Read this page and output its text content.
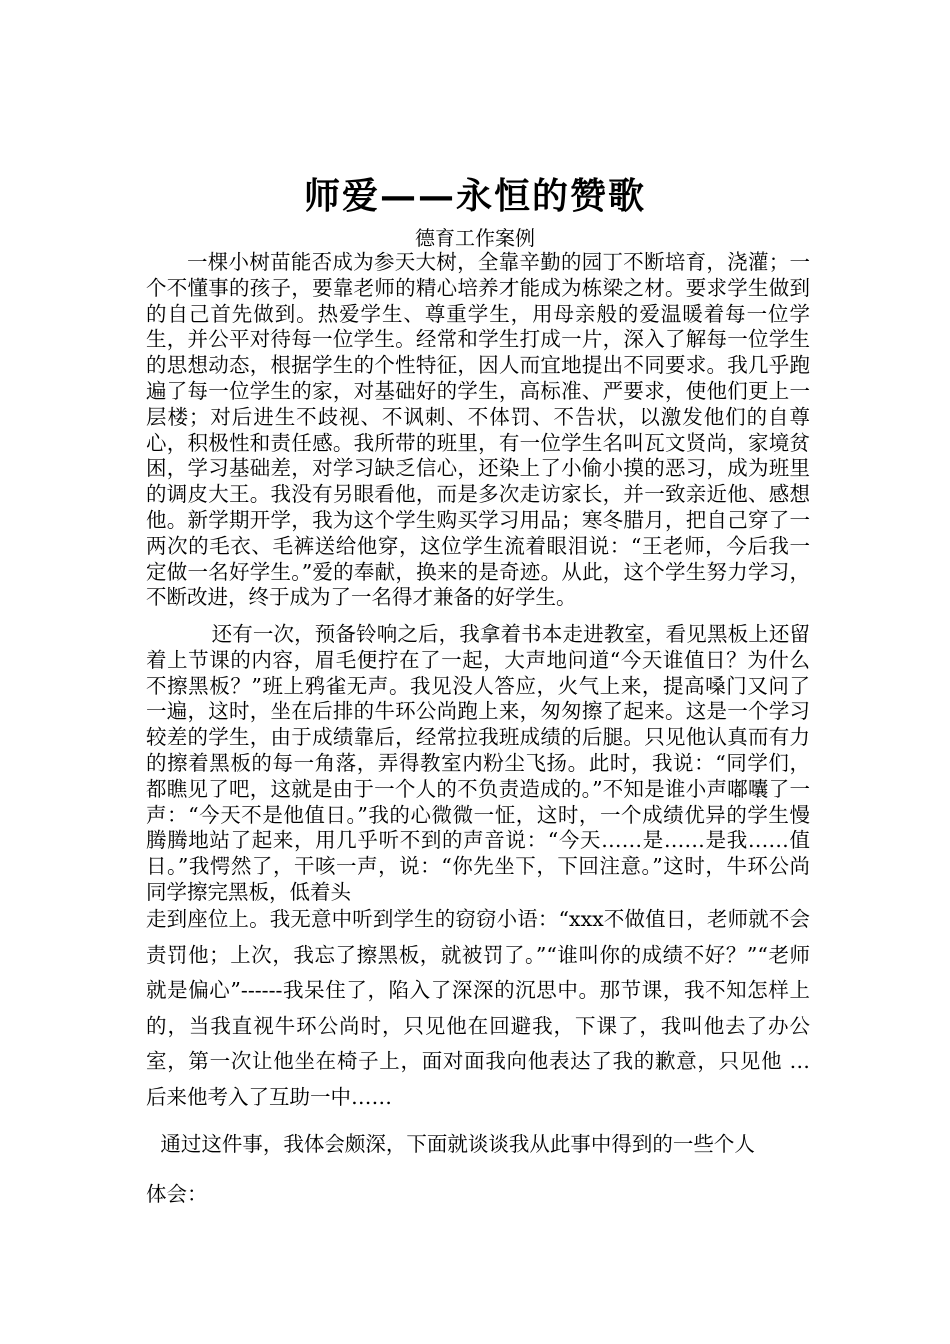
师爱——永恒的赞歌
德育工作案例

一棵小树苗能否成为参天大树，全靠辛勤的园丁不断培育，浇灌；一个不懂事的孩子，要靠老师的精心培养才能成为栋梁之材。要求学生做到的自己首先做到。热爱学生、尊重学生，用母亲般的爱温暖着每一位学生，并公平对待每一位学生。经常和学生打成一片，深入了解每一位学生的思想动态，根据学生的个性特征，因人而宜地提出不同要求。我几乎跑遍了每一位学生的家，对基础好的学生，高标准、严要求，使他们更上一层楼；对后进生不歧视、不讽刺、不体罚、不告状，以激发他们的自尊心，积极性和责任感。我所带的班里，有一位学生名叫瓦文贤尚，家境贫困，学习基础差，对学习缺乏信心，还染上了小偷小摸的恶习，成为班里的调皮大王。我没有另眼看他，而是多次走访家长，并一致亲近他、感想他。新学期开学，我为这个学生购买学习用品；寒冬腊月，把自己穿了一两次的毛衣、毛裤送给他穿，这位学生流着眼泪说：“王老师，今后我一定做一名好学生。”爱的奉献，换来的是奇迹。从此，这个学生努力学习，不断改进，终于成为了一名得才兼备的好学生。

还有一次，预备铃响之后，我拿着书本走进教室，看见黑板上还留着上节课的内容，眉毛便拧在了一起，大声地问道“今天谁值日？为什么不擦黑板？”班上鸦雀无声。我见没人答应，火气上来，提高嗓门又问了一遍，这时，坐在后排的牛环公尚跑上来，匆匆擦了起来。这是一个学习较差的学生，由于成绩靠后，经常拉我班成绩的后腿。只见他认真而有力的擦着黑板的每一角落，弄得教室内粉尘飞扬。此时，我说：“同学们，都瞧见了吧，这就是由于一个人的不负责造成的。”不知是谁小声嘟囔了一声：“今天不是他值日。”我的心微微一怔，这时，一个成绩优异的学生慢腾腾地站了起来，用几乎听不到的声音说：“今天……是……是我……值日。”我愕然了，干咳一声，说：“你先坐下，下回注意。”这时，牛环公尚同学擦完黑板，低着头

走到座位上。我无意中听到学生的窃窃小语：“xxx不做值日，老师就不会责罚他；上次，我忘了擦黑板，就被罚了。”“谁叫你的成绩不好？”“老师就是偏心”------我呆住了，陷入了深深的沉思中。那节课，我不知怎样上的，当我直视牛环公尚时，只见他在回避我，下课了，我叫他去了办公室，第一次让他坐在椅子上，面对面我向他表达了我的歉意，只见他 … 后来他考入了互助一中……

通过这件事，我体会颇深，下面就谈谈我从此事中得到的一些个人

体会：
